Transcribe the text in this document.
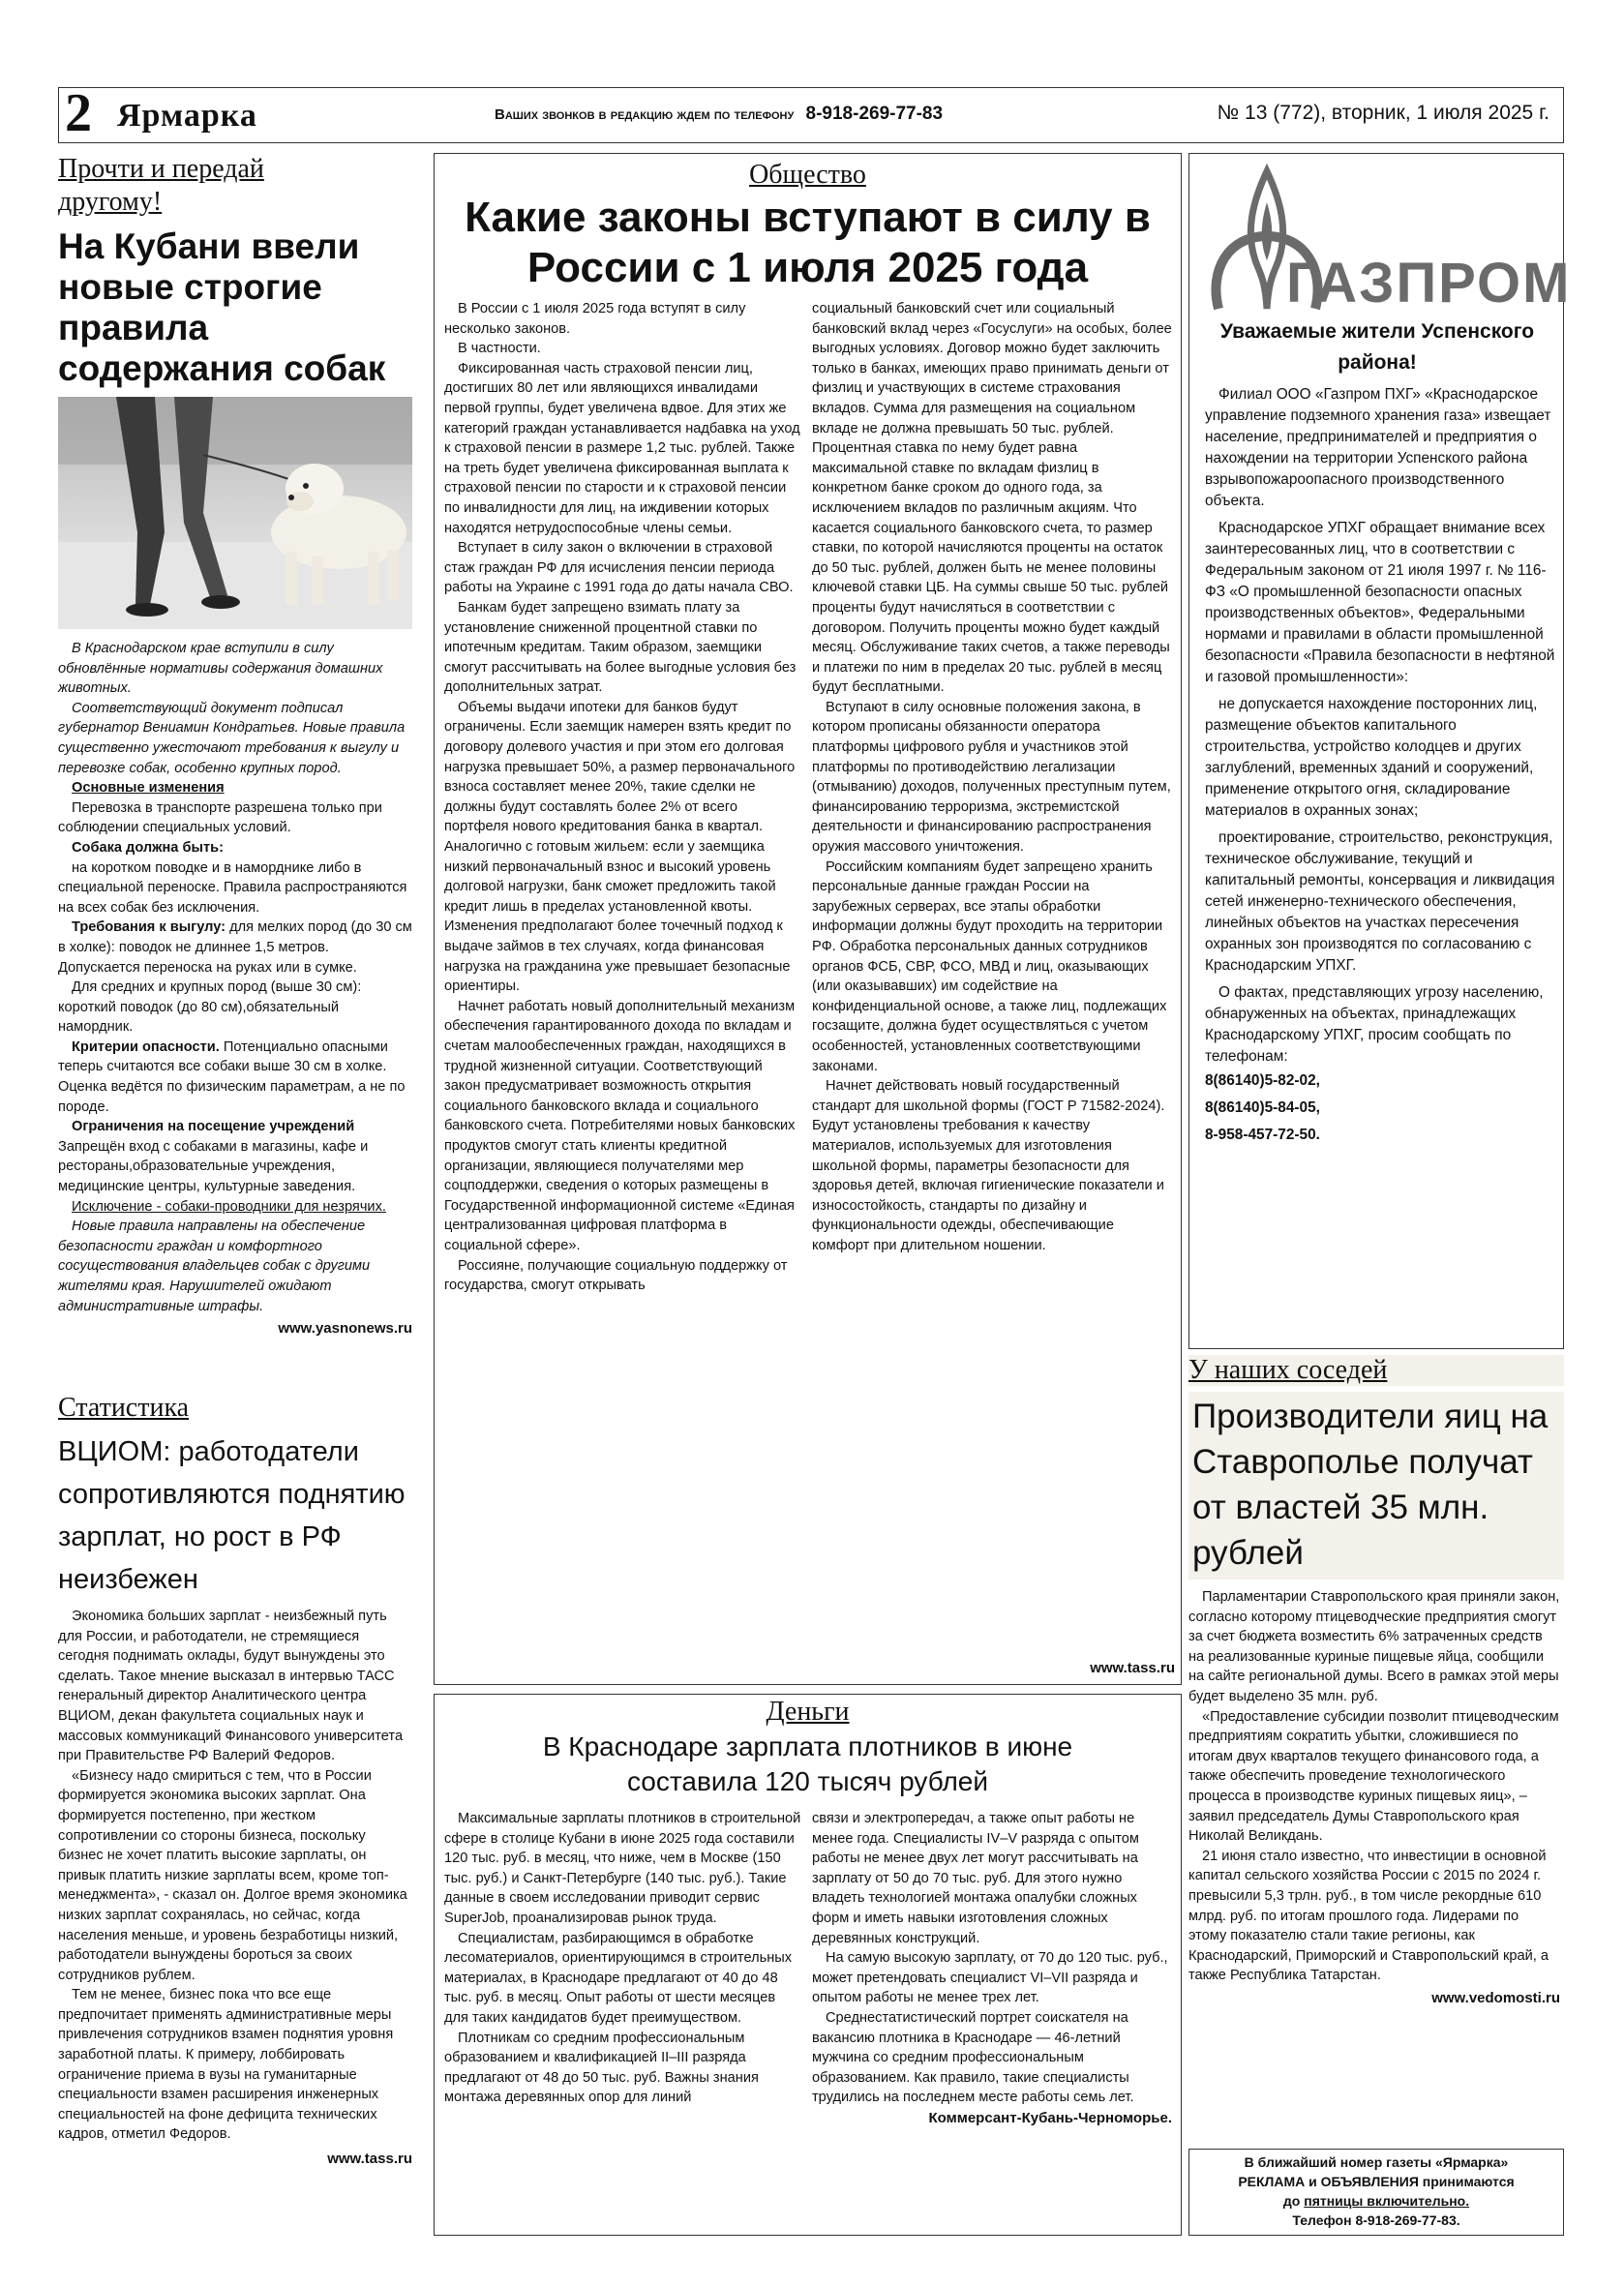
2 Ярмарка	Ваших звонков в редакцию ждем по телефону 8-918-269-77-83	№ 13 (772), вторник, 1 июля 2025 г.
Прочти и передай
другому!
На Кубани ввели новые строгие правила содержания собак

В Краснодарском крае вступили в силу обновлённые нормативы содержания домашних животных.

Соответствующий документ подписал губернатор Вениамин Кондратьев. Новые правила существенно ужесточают требования к выгулу и перевозке собак, особенно крупных пород.

Основные изменения

Перевозка в транспорте разрешена только при соблюдении специальных условий.

Собака должна быть:

на коротком поводке и в наморднике либо в специальной переноске. Правила распространяются на всех собак без исключения.

Требования к выгулу: для мелких пород (до 30 см в холке): поводок не длиннее 1,5 метров. Допускается переноска на руках или в сумке.

Для средних и крупных пород (выше 30 см): короткий поводок (до 80 см),обязательный намордник.

Критерии опасности. Потенциально опасными теперь считаются все собаки выше 30 см в холке. Оценка ведётся по физическим параметрам, а не по породе.

Ограничения на посещение учреждений

Запрещён вход с собаками в магазины, кафе и рестораны,образовательные учреждения, медицинские центры, культурные заведения.

Исключение - собаки-проводники для незрячих.

Новые правила направлены на обеспечение безопасности граждан и комфортного сосуществования владельцев собак с другими жителями края. Нарушителей ожидают административные штрафы.

www.yasnonews.ru
Статистика
ВЦИОМ: работодатели сопротивляются поднятию зарплат, но рост в РФ неизбежен

Экономика больших зарплат - неизбежный путь для России, и работодатели, не стремящиеся сегодня поднимать оклады, будут вынуждены это сделать. Такое мнение высказал в интервью ТАСС генеральный директор Аналитического центра ВЦИОМ, декан факультета социальных наук и массовых коммуникаций Финансового университета при Правительстве РФ Валерий Федоров.

«Бизнесу надо смириться с тем, что в России формируется экономика высоких зарплат. Она формируется постепенно, при жестком сопротивлении со стороны бизнеса, поскольку бизнес не хочет платить высокие зарплаты, он привык платить низкие зарплаты всем, кроме топ-менеджмента», - сказал он. Долгое время экономика низких зарплат сохранялась, но сейчас, когда населения меньше, и уровень безработицы низкий, работодатели вынуждены бороться за своих сотрудников рублем.

Тем не менее, бизнес пока что все еще предпочитает применять административные меры привлечения сотрудников взамен поднятия уровня заработной платы. К примеру, лоббировать ограничение приема в вузы на гуманитарные специальности взамен расширения инженерных специальностей на фоне дефицита технических кадров, отметил Федоров.

www.tass.ru
Общество
Какие законы вступают в силу в России с 1 июля 2025 года

В России с 1 июля 2025 года вступят в силу несколько законов.

В частности.

Фиксированная часть страховой пенсии лиц, достигших 80 лет или являющихся инвалидами первой группы, будет увеличена вдвое. Для этих же категорий граждан устанавливается надбавка на уход к страховой пенсии в размере 1,2 тыс. рублей. Также на треть будет увеличена фиксированная выплата к страховой пенсии по старости и к страховой пенсии по инвалидности для лиц, на иждивении которых находятся нетрудоспособные члены семьи.

Вступает в силу закон о включении в страховой стаж граждан РФ для исчисления пенсии периода работы на Украине с 1991 года до даты начала СВО.

Банкам будет запрещено взимать плату за установление сниженной процентной ставки по ипотечным кредитам. Таким образом, заемщики смогут рассчитывать на более выгодные условия без дополнительных затрат.

Объемы выдачи ипотеки для банков будут ограничены. Если заемщик намерен взять кредит по договору долевого участия и при этом его долговая нагрузка превышает 50%, а размер первоначального взноса составляет менее 20%, такие сделки не должны будут составлять более 2% от всего портфеля нового кредитования банка в квартал. Аналогично с готовым жильем: если у заемщика низкий первоначальный взнос и высокий уровень долговой нагрузки, банк сможет предложить такой кредит лишь в пределах установленной квоты. Изменения предполагают более точечный подход к выдаче займов в тех случаях, когда финансовая нагрузка на гражданина уже превышает безопасные ориентиры.

Начнет работать новый дополнительный механизм обеспечения гарантированного дохода по вкладам и счетам малообеспеченных граждан, находящихся в трудной жизненной ситуации. Соответствующий закон предусматривает возможность открытия социального банковского вклада и социального банковского счета. Потребителями новых банковских продуктов смогут стать клиенты кредитной организации, являющиеся получателями мер соцподдержки, сведения о которых размещены в Государственной информационной системе «Единая централизованная цифровая платформа в социальной сфере».

Россияне, получающие социальную поддержку от государства, смогут открывать

социальный банковский счет или социальный банковский вклад через «Госуслуги» на особых, более выгодных условиях. Договор можно будет заключить только в банках, имеющих право принимать деньги от физлиц и участвующих в системе страхования вкладов. Сумма для размещения на социальном вкладе не должна превышать 50 тыс. рублей. Процентная ставка по нему будет равна максимальной ставке по вкладам физлиц в конкретном банке сроком до одного года, за исключением вкладов по различным акциям. Что касается социального банковского счета, то размер ставки, по которой начисляются проценты на остаток до 50 тыс. рублей, должен быть не менее половины ключевой ставки ЦБ. На суммы свыше 50 тыс. рублей проценты будут начисляться в соответствии с договором. Получить проценты можно будет каждый месяц. Обслуживание таких счетов, а также переводы и платежи по ним в пределах 20 тыс. рублей в месяц будут бесплатными.

Вступают в силу основные положения закона, в котором прописаны обязанности оператора платформы цифрового рубля и участников этой платформы по противодействию легализации (отмыванию) доходов, полученных преступным путем, финансированию терроризма, экстремистской деятельности и финансированию распространения оружия массового уничтожения.

Российским компаниям будет запрещено хранить персональные данные граждан России на зарубежных серверах, все этапы обработки информации должны будут проходить на территории РФ. Обработка персональных данных сотрудников органов ФСБ, СВР, ФСО, МВД и лиц, оказывающих (или оказывавших) им содействие на конфиденциальной основе, а также лиц, подлежащих госзащите, должна будет осуществляться с учетом особенностей, установленных соответствующими законами.

Начнет действовать новый государственный стандарт для школьной формы (ГОСТ Р 71582-2024). Будут установлены требования к качеству материалов, используемых для изготовления школьной формы, параметры безопасности для здоровья детей, включая гигиенические показатели и износостойкость, стандарты по дизайну и функциональности одежды, обеспечивающие комфорт при длительном ношении.

www.tass.ru
Деньги
В Краснодаре зарплата плотников в июне составила 120 тысяч рублей

Максимальные зарплаты плотников в строительной сфере в столице Кубани в июне 2025 года составили 120 тыс. руб. в месяц, что ниже, чем в Москве (150 тыс. руб.) и Санкт-Петербурге (140 тыс. руб.). Такие данные в своем исследовании приводит сервис SuperJob, проанализировав рынок труда.

Специалистам, разбирающимся в обработке лесоматериалов, ориентирующимся в строительных материалах, в Краснодаре предлагают от 40 до 48 тыс. руб. в месяц. Опыт работы от шести месяцев для таких кандидатов будет преимуществом.

Плотникам со средним профессиональным образованием и квалификацией II–III разряда предлагают от 48 до 50 тыс. руб. Важны знания монтажа деревянных опор для линий

связи и электропередач, а также опыт работы не менее года. Специалисты IV–V разряда с опытом работы не менее двух лет могут рассчитывать на зарплату от 50 до 70 тыс. руб. Для этого нужно владеть технологией монтажа опалубки сложных форм и иметь навыки изготовления сложных деревянных конструкций.

На самую высокую зарплату, от 70 до 120 тыс. руб., может претендовать специалист VI–VII разряда и опытом работы не менее трех лет.

Среднестатистический портрет соискателя на вакансию плотника в Краснодаре — 46-летний мужчина со средним профессиональным образованием. Как правило, такие специалисты трудились на последнем месте работы семь лет.

Коммерсант-Кубань-Черноморье.
ГАЗПРОМ
Уважаемые жители Успенского района!

Филиал ООО «Газпром ПХГ» «Краснодарское управление подземного хранения газа» извещает население, предпринимателей и предприятия о нахождении на территории Успенского района взрывопожароопасного производственного объекта.

Краснодарское УПХГ обращает внимание всех заинтересованных лиц, что в соответствии с Федеральным законом от 21 июля 1997 г. № 116-ФЗ «О промышленной безопасности опасных производственных объектов», Федеральными нормами и правилами в области промышленной безопасности «Правила безопасности в нефтяной и газовой промышленности»:

не допускается нахождение посторонних лиц, размещение объектов капитального строительства, устройство колодцев и других заглублений, временных зданий и сооружений, применение открытого огня, складирование материалов в охранных зонах;

проектирование, строительство, реконструкция, техническое обслуживание, текущий и капитальный ремонты, консервация и ликвидация сетей инженерно-технического обеспечения, линейных объектов на участках пересечения охранных зон производятся по согласованию с Краснодарским УПХГ.

О фактах, представляющих угрозу населению, обнаруженных на объектах, принадлежащих Краснодарскому УПХГ, просим сообщать по телефонам:

8(86140)5-82-02,

8(86140)5-84-05,

8-958-457-72-50.

У наших соседей
Производители яиц на Ставрополье получат от властей 35 млн. рублей

Парламентарии Ставропольского края приняли закон, согласно которому птицеводческие предприятия смогут за счет бюджета возместить 6% затраченных средств на реализованные куриные пищевые яйца, сообщили на сайте региональной думы. Всего в рамках этой меры будет выделено 35 млн. руб.

«Предоставление субсидии позволит птицеводческим предприятиям сократить убытки, сложившиеся по итогам двух кварталов текущего финансового года, а также обеспечить проведение технологического процесса в производстве куриных пищевых яиц», – заявил председатель Думы Ставропольского края Николай Великдань.

21 июня стало известно, что инвестиции в основной капитал сельского хозяйства России с 2015 по 2024 г. превысили 5,3 трлн. руб., в том числе рекордные 610 млрд. руб. по итогам прошлого года. Лидерами по этому показателю стали такие регионы, как Краснодарский, Приморский и Ставропольский край, а также Республика Татарстан.

www.vedomosti.ru
В ближайший номер газеты «Ярмарка»
РЕКЛАМА и ОБЪЯВЛЕНИЯ принимаются
до пятницы включительно.
Телефон 8-918-269-77-83.
